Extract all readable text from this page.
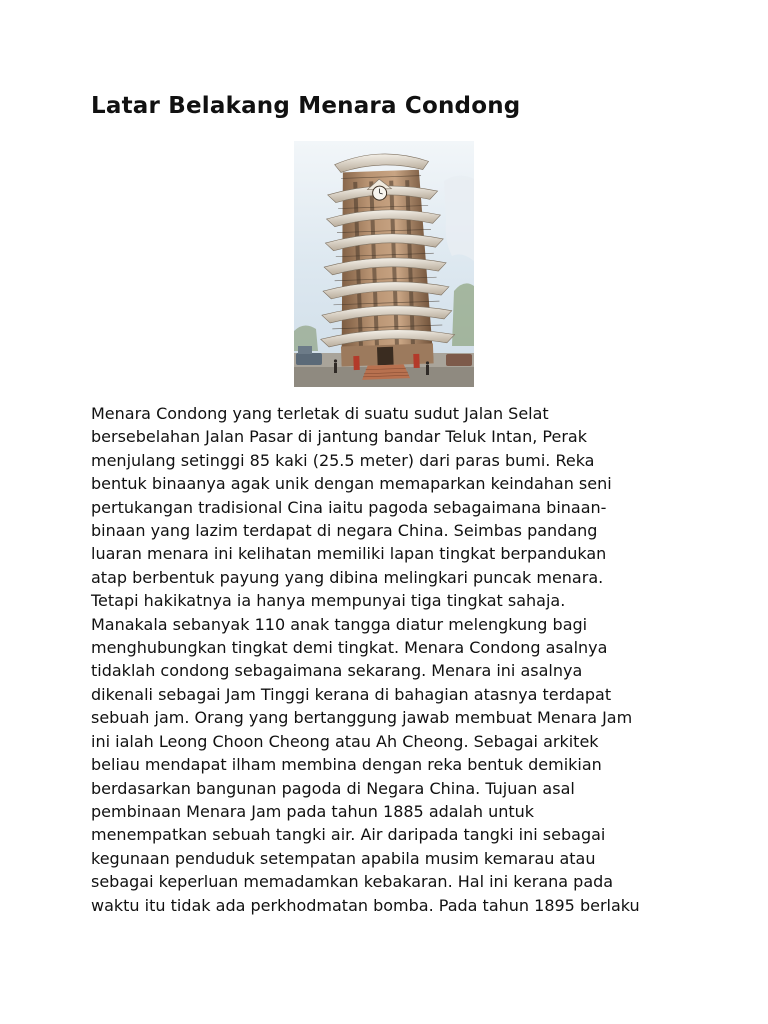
Latar Belakang Menara Condong
Menara Condong yang terletak di suatu sudut Jalan Selat
bersebelahan Jalan Pasar di jantung bandar Teluk Intan, Perak
menjulang setinggi 85 kaki (25.5 meter) dari paras bumi. Reka
bentuk binaanya agak unik dengan memaparkan keindahan seni
pertukangan tradisional Cina iaitu pagoda sebagaimana binaan-
binaan yang lazim terdapat di negara China. Seimbas pandang
luaran menara ini kelihatan memiliki lapan tingkat berpandukan
atap berbentuk payung yang dibina melingkari puncak menara.
Tetapi hakikatnya ia hanya mempunyai tiga tingkat sahaja.
Manakala sebanyak 110 anak tangga diatur melengkung bagi
menghubungkan tingkat demi tingkat. Menara Condong asalnya
tidaklah condong sebagaimana sekarang. Menara ini asalnya
dikenali sebagai Jam Tinggi kerana di bahagian atasnya terdapat
sebuah jam. Orang yang bertanggung jawab membuat Menara Jam
ini ialah Leong Choon Cheong atau Ah Cheong. Sebagai arkitek
beliau mendapat ilham membina dengan reka bentuk demikian
berdasarkan bangunan pagoda di Negara China. Tujuan asal
pembinaan Menara Jam pada tahun 1885 adalah untuk
menempatkan sebuah tangki air. Air daripada tangki ini sebagai
kegunaan penduduk setempatan apabila musim kemarau atau
sebagai keperluan memadamkan kebakaran. Hal ini kerana pada
waktu itu tidak ada perkhodmatan bomba. Pada tahun 1895 berlaku
